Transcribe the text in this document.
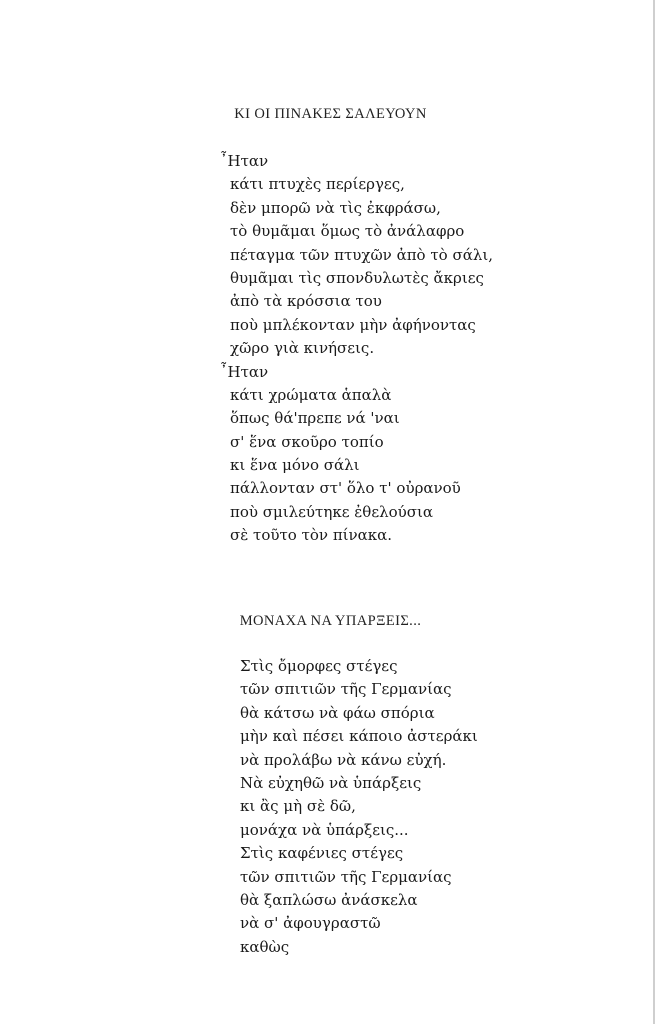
ΚΙ ΟΙ ΠΙΝΑΚΕΣ ΣΑΛΕΥΟΥΝ
῏Ηταν
κάτι πτυχὲς περίεργες,
δὲν μπορῶ νὰ τὶς ἐκφράσω,
τὸ θυμᾶμαι ὅμως τὸ ἀνάλαφρο
πέταγμα τῶν πτυχῶν ἀπὸ τὸ σάλι,
θυμᾶμαι τὶς σπονδυλωτὲς ἄκριες
ἀπὸ τὰ κρόσσια του
ποὺ μπλέκονταν μὴν ἀφήνοντας
χῶρο γιὰ κινήσεις.
῏Ηταν
κάτι χρώματα ἁπαλὰ
ὅπως θά'πρεπε νά 'ναι
σ' ἕνα σκοῦρο τοπίο
κι ἕνα μόνο σάλι
πάλλονταν στ' ὅλο τ' οὐρανοῦ
ποὺ σμιλεύτηκε ἐθελούσια
σὲ τοῦτο τὸν πίνακα.
ΜΟΝΑΧΑ ΝΑ ΥΠΑΡΞΕΙΣ...
Στὶς ὄμορφες στέγες
τῶν σπιτιῶν τῆς Γερμανίας
θὰ κάτσω νὰ φάω σπόρια
μὴν καὶ πέσει κάποιο ἀστεράκι
νὰ προλάβω νὰ κάνω εὐχή.
Νὰ εὐχηθῶ νὰ ὑπάρξεις
κι ἂς μὴ σὲ δῶ,
μονάχα νὰ ὑπάρξεις...
Στὶς καφένιες στέγες
τῶν σπιτιῶν τῆς Γερμανίας
θὰ ξαπλώσω ἀνάσκελα
νὰ σ' ἀφουγραστῶ
καθὼς
